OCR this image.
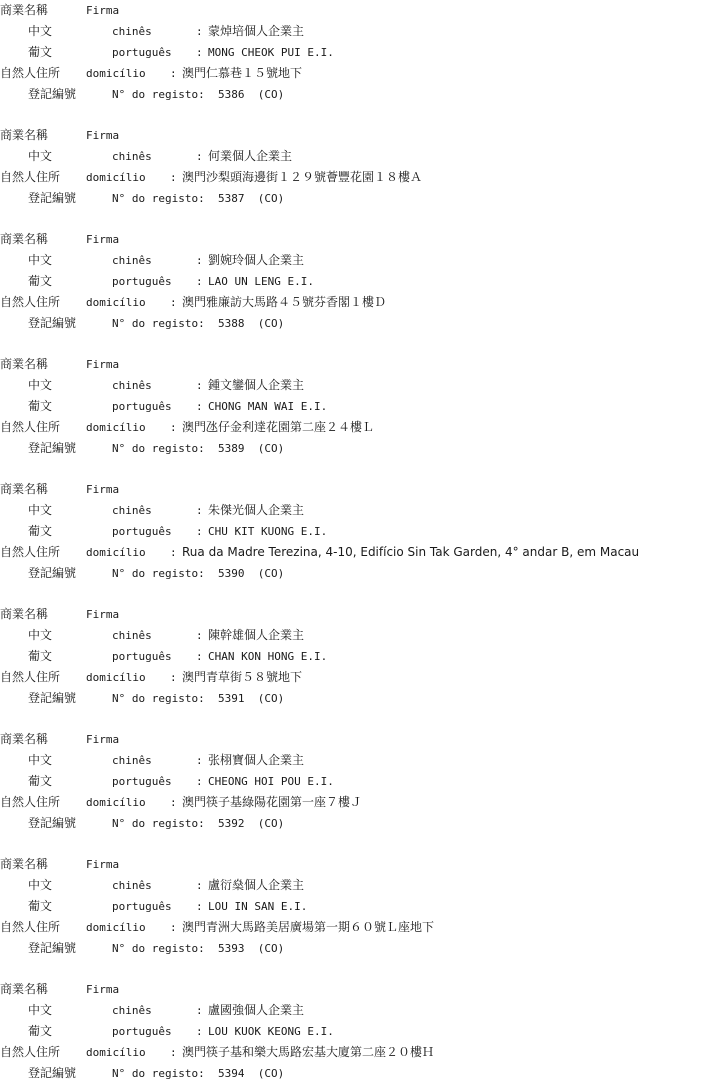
商業名稱	Firma
中文	chinês	: 蒙焯培個人企業主
葡文	português	: MONG CHEOK PUI E.I.
自然人住所	domicílio	: 澳門仁慕巷１５號地下
登記編號	N° do registo: 5386 (CO)
商業名稱	Firma
中文	chinês	: 何業個人企業主
自然人住所	domicílio	: 澳門沙梨頭海邊街１２９號薈豐花園１８樓Ａ
登記編號	N° do registo: 5387 (CO)
商業名稱	Firma
中文	chinês	: 劉婉玲個人企業主
葡文	português	: LAO UN LENG E.I.
自然人住所	domicílio	: 澳門雅廉訪大馬路４５號芬香閣１樓Ｄ
登記編號	N° do registo: 5388 (CO)
商業名稱	Firma
中文	chinês	: 鍾文鑾個人企業主
葡文	português	: CHONG MAN WAI E.I.
自然人住所	domicílio	: 澳門氹仔金利達花園第二座２４樓Ｌ
登記編號	N° do registo: 5389 (CO)
商業名稱	Firma
中文	chinês	: 朱傑光個人企業主
葡文	português	: CHU KIT KUONG E.I.
自然人住所	domicílio	: Rua da Madre Terezina, 4-10, Edifício Sin Tak Garden, 4° andar B, em Macau
登記編號	N° do registo: 5390 (CO)
商業名稱	Firma
中文	chinês	: 陳幹雄個人企業主
葡文	português	: CHAN KON HONG E.I.
自然人住所	domicílio	: 澳門青草街５８號地下
登記編號	N° do registo: 5391 (CO)
商業名稱	Firma
中文	chinês	: 张栩寶個人企業主
葡文	português	: CHEONG HOI POU E.I.
自然人住所	domicílio	: 澳門筷子基綠陽花園第一座７樓Ｊ
登記編號	N° do registo: 5392 (CO)
商業名稱	Firma
中文	chinês	: 盧衍燊個人企業主
葡文	português	: LOU IN SAN E.I.
自然人住所	domicílio	: 澳門青洲大馬路美居廣場第一期６０號Ｌ座地下
登記編號	N° do registo: 5393 (CO)
商業名稱	Firma
中文	chinês	: 盧國強個人企業主
葡文	português	: LOU KUOK KEONG E.I.
自然人住所	domicílio	: 澳門筷子基和樂大馬路宏基大廈第二座２０樓Ｈ
登記編號	N° do registo: 5394 (CO)
